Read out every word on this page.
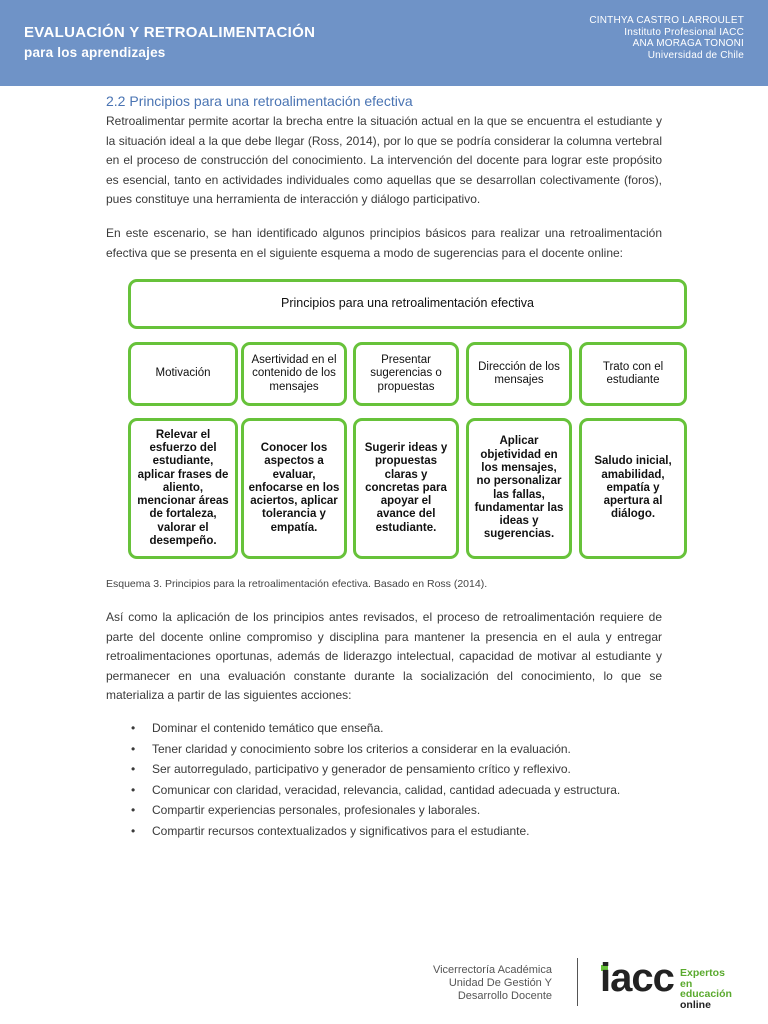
EVALUACIÓN Y RETROALIMENTACIÓN
para los aprendizajes
CINTHYA CASTRO LARROULET
Instituto Profesional IACC
ANA MORAGA TONONI
Universidad de Chile
2.2 Principios para una retroalimentación efectiva
Retroalimentar permite acortar la brecha entre la situación actual en la que se encuentra el estudiante y la situación ideal a la que debe llegar (Ross, 2014), por lo que se podría considerar la columna vertebral en el proceso de construcción del conocimiento. La intervención del docente para lograr este propósito es esencial, tanto en actividades individuales como aquellas que se desarrollan colectivamente (foros), pues constituye una herramienta de interacción y diálogo participativo.
En este escenario, se han identificado algunos principios básicos para realizar una retroalimentación efectiva que se presenta en el siguiente esquema a modo de sugerencias para el docente online:
Principios para una retroalimentación efectiva
Motivación
Asertividad en el contenido de los mensajes
Presentar sugerencias o propuestas
Dirección de los mensajes
Trato con el estudiante
Relevar el esfuerzo del estudiante, aplicar frases de aliento, mencionar áreas de fortaleza, valorar el desempeño.
Conocer los aspectos a evaluar, enfocarse en los aciertos, aplicar tolerancia y empatía.
Sugerir ideas y propuestas claras y concretas para apoyar el avance del estudiante.
Aplicar objetividad en los mensajes, no personalizar las fallas, fundamentar las ideas y sugerencias.
Saludo inicial, amabilidad, empatía y apertura al diálogo.
Esquema 3. Principios para la retroalimentación efectiva. Basado en Ross (2014).
Así como la aplicación de los principios antes revisados, el proceso de retroalimentación requiere de parte del docente online compromiso y disciplina para mantener la presencia en el aula y entregar retroalimentaciones oportunas, además de liderazgo intelectual, capacidad de motivar al estudiante y permanecer en una evaluación constante durante la socialización del conocimiento, lo que se materializa a partir de las siguientes acciones:
• Dominar el contenido temático que enseña.
• Tener claridad y conocimiento sobre los criterios a considerar en la evaluación.
• Ser autorregulado, participativo y generador de pensamiento crítico y reflexivo.
• Comunicar con claridad, veracidad, relevancia, calidad, cantidad adecuada y estructura.
• Compartir experiencias personales, profesionales y laborales.
• Compartir recursos contextualizados y significativos para el estudiante.
Vicerrectoría Académica
Unidad De Gestión Y
Desarrollo Docente iacc Expertos
en educación
online
